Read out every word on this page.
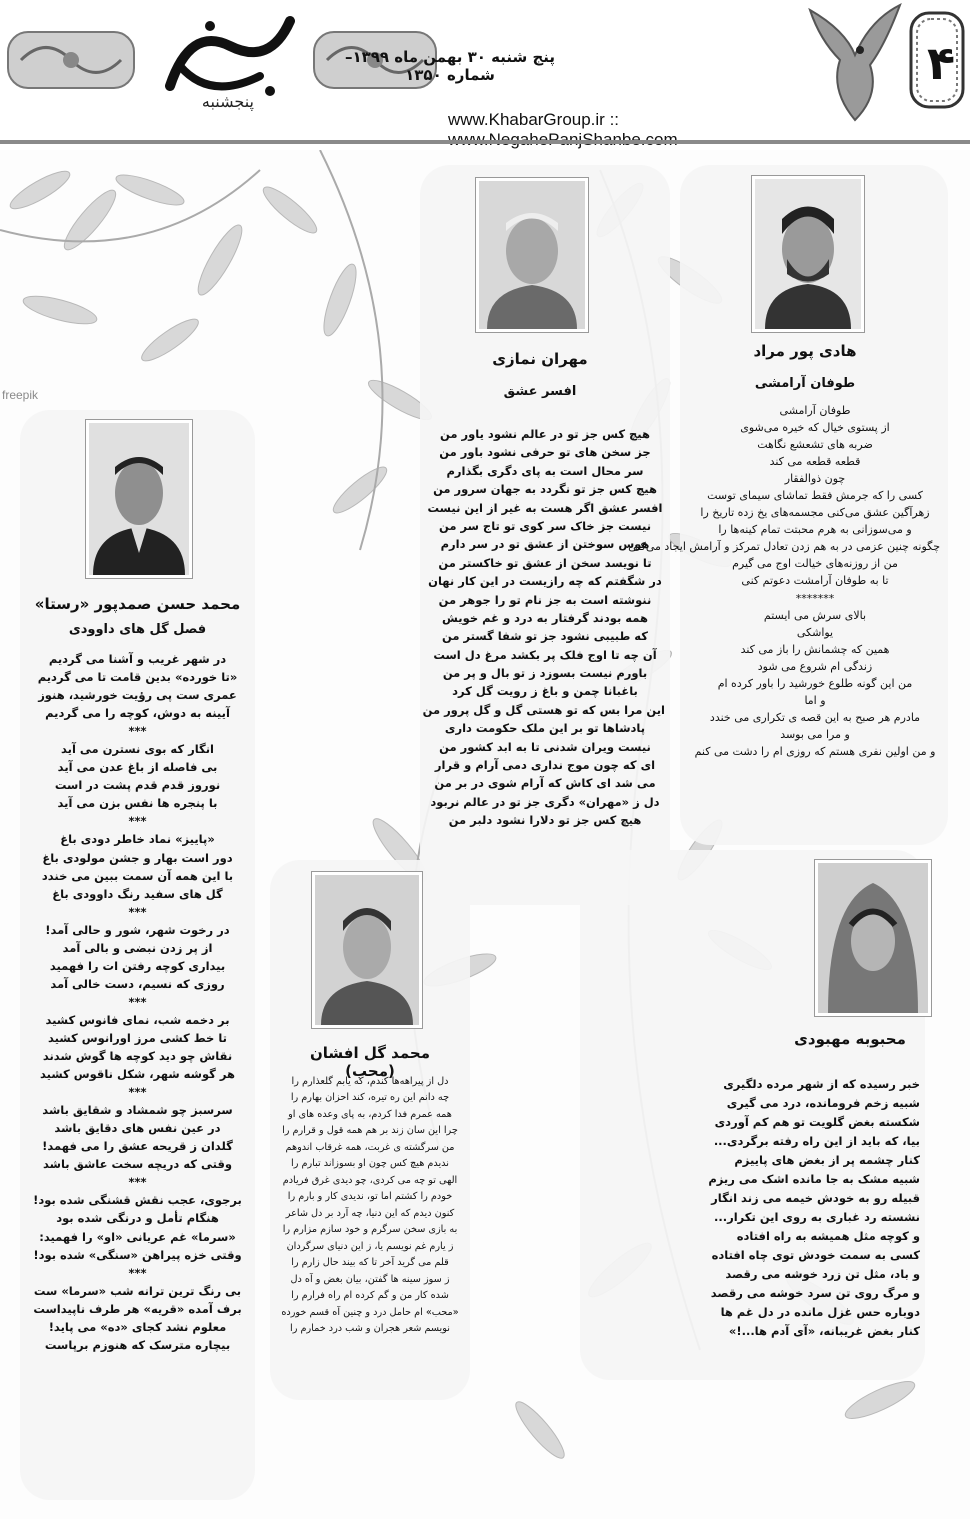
پنجشنبه
پنج شنبه ۳۰ بهمن ماه ۱۳۹۹– شماره ۱۳۵۰
www.KhabarGroup.ir ::
۴
freepik
هادی پور مراد
طوفان آرامشی
طوفان آرامشی
از پستوی خیال که خیره می‌شوی
ضربه های تشعشع نگاهت
قطعه قطعه می کند
چون ذوالفقار
کسی را که جرمش فقط تماشای سیمای توست
زهرآگین عشق می‌کنی مجسمه‌های یخ زده تاریخ را
و می‌سوزانی به هرم محبتت تمام کینه‌ها را
چگونه چنین عزمی در به هم زدن تعادل تمرکز و آرامش ایجاد می‌کنی
من از روزنه‌های خیالت اوج می گیرم
تا به طوفان آرامشت دعوتم کنی
*******
بالای سرش می ایستم
یواشکی
همین که چشمانش را باز می کند
زندگی ام شروع می شود
من این گونه طلوع خورشید را باور کرده ام
و اما
مادرم هر صبح به این قصه ی تکراری می خندد
و مرا می بوسد
و من اولین نفری هستم که روزی ام را دشت می کنم
مهران نمازی
افسر عشق
هیچ کس جز تو در عالم نشود یاور من
جز سخن های تو حرفی نشود باور من
سر محال است به پای دگری بگذارم
هیچ کس جز تو نگردد به جهان سرور من
افسر عشق اگر هست به غیر از این نیست
نیست جز خاک سر کوی تو تاج سر من
هوس سوختن از عشق تو در سر دارم
تا نویسد سخن از عشق تو خاکستر من
در شگفتم که چه رازیست در این کار نهان
ننوشته است به جز نام تو را جوهر من
همه بودند گرفتار به درد و غم خویش
که طبیبی نشود جز تو شفا گستر من
آن چه تا اوج فلک پر بکشد مرغ دل است
باورم نیست بسوزد ز تو بال و پر من
باغبانا چمن و باغ ز رویت گل کرد
این مرا بس که تو هستی گل و گل پرور من
پادشاها تو بر این ملک حکومت داری
نیست ویران شدنی تا به ابد کشور من
ای که چون موج نداری دمی آرام و قرار
می شد ای کاش که آرام شوی در بر من
دل ز «مهران» دگری جز تو در عالم نربود
هیچ کس جز تو دلارا نشود دلبر من
محمد حسن صمدپور «رستا»
فصل گل های داوودی
در شهر غریب و آشنا می گردیم
«تا خورده» بدین قامت تا می گردیم
عمری ست پی رؤیت خورشید، هنوز
آیینه به دوش، کوچه را می گردیم
***
انگار که بوی نسترن می آید
بی فاصله از باغ عدن می آید
نوروز قدم قدم پشت در است
با پنجره ها نفس بزن می آید
***
«پاییز» نماد خاطر دودی باغ
دور است بهار و جشن مولودی باغ
با این همه آن سمت ببین می خندد
گل های سفید رنگ داوودی باغ
***
در رخوت شهر، شور و حالی آمد!
از پر زدن نبضی و بالی آمد
بیداری کوچه رفتن ات را فهمید
روزی که نسیم، دست خالی آمد
***
بر دخمه شب، نمای فانوس کشید
تا خط کشی مرز اورانوس کشید
نقاش چو دید کوچه ها گوش شدند
هر گوشه شهر، شکل ناقوس کشید
***
سرسبز چو شمشاد و شقایق باشد
در عین نفس های دقایق باشد
گلدان ز قریحه عشق را می فهمد!
وقتی که دریچه سخت عاشق باشد
***
برجوی، عجب نقش قشنگی شده بود!
هنگام تأمل و درنگی شده بود
«سرما» غم عریانی «او» را فهمید:
وقتی خزه پیراهن «سنگی» شده بود!
***
بی رنگ ترین ترانه شب «سرما» ست
برف آمده «قریه» هر طرف ناپیداست
معلوم نشد کجای «ده» می پاید!
بیچاره مترسک که هنوزم برپاست
محمد گل افشان (محب)
دل از پیراهه‌ها کندم، که یابم گلعذارم را
چه دانم این ره تیره، کند احزان بهارم را
همه عمرم فدا کردم، به پای وعده های او
چرا این سان زند بر هم همه قول و قرارم را
من سرگشته ی غربت، همه غرقاب اندوهم
ندیدم هیچ کس چون او بسوزاند تبارم را
الهی تو چه می کردی، چو دیدی غرق فریادم
خودم را کشتم اما تو، ندیدی کار و بارم را
کنون دیدم که این دنیا، چه آرد بر دل شاعر
به بازی سخن سرگرم و خود سازم مزارم را
ز یارم غم نویسم یا، ز این دنیای سرگردان
قلم می گرید آخر تا که بیند حال زارم را
ز سوز سینه ها گفتن، بیان بغض و آه دل
شده کار من و گم کرده ام راه فرارم را
«محب» ام حامل درد و چنین آه قسم خورده
نویسم شعر هجران و شب درد خمارم را
محبوبه مهبودی
خبر رسیده که از شهر مرده دلگیری
شبیه زخم فرومانده، درد می گیری
شکسته بغض گلویت تو هم کم آوردی
بیا، که باید از این راه رفته برگردی...
کنار چشمه پر از بغض های پاییزم
شبیه مشک به جا مانده اشک می ریزم
قبیله رو به خودش خیمه می زند انگار
نشسته رد غباری به روی این تکرار...
و کوچه مثل همیشه به راه افتاده
کسی به سمت خودش توی چاه افتاده
و باد، مثل تن زرد خوشه می رقصد
و مرگ روی تن سرد خوشه می رقصد
دوباره حس غزل مانده در دل غم ها
کنار بغض غریبانه، «آی آدم ها...!»
